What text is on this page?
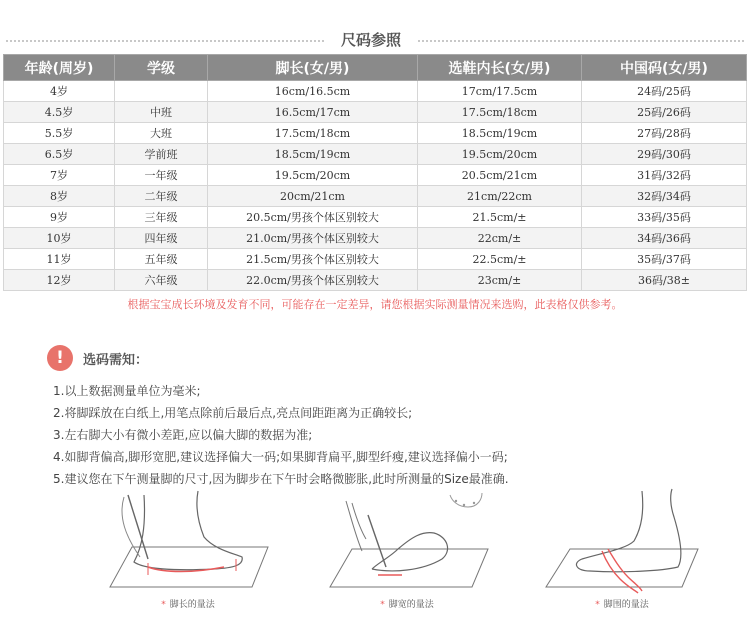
尺码参照
年龄(周岁)	学级	脚长(女/男)	选鞋内长(女/男)	中国码(女/男)
4岁		16cm/16.5cm	17cm/17.5cm	24码/25码
4.5岁	中班	16.5cm/17cm	17.5cm/18cm	25码/26码
5.5岁	大班	17.5cm/18cm	18.5cm/19cm	27码/28码
6.5岁	学前班	18.5cm/19cm	19.5cm/20cm	29码/30码
7岁	一年级	19.5cm/20cm	20.5cm/21cm	31码/32码
8岁	二年级	20cm/21cm	21cm/22cm	32码/34码
9岁	三年级	20.5cm/男孩个体区别较大	21.5cm/±	33码/35码
10岁	四年级	21.0cm/男孩个体区别较大	22cm/±	34码/36码
11岁	五年级	21.5cm/男孩个体区别较大	22.5cm/±	35码/37码
12岁	六年级	22.0cm/男孩个体区别较大	23cm/±	36码/38±
根据宝宝成长环境及发育不同，可能存在一定差异，请您根据实际测量情况来选购，此表格仅供参考。
!	选码需知：
1.以上数据测量单位为毫米;
2.将脚踩放在白纸上,用笔点除前后最后点,亮点间距距离为正确较长;
3.左右脚大小有微小差距,应以偏大脚的数据为准;
4.如脚背偏高,脚形宽肥,建议选择偏大一码;如果脚背扁平,脚型纤瘦,建议选择偏小一码;
5.建议您在下午测量脚的尺寸,因为脚步在下午时会略微膨胀,此时所测量的Size最准确.
* 脚长的量法	* 脚宽的量法	* 脚围的量法
